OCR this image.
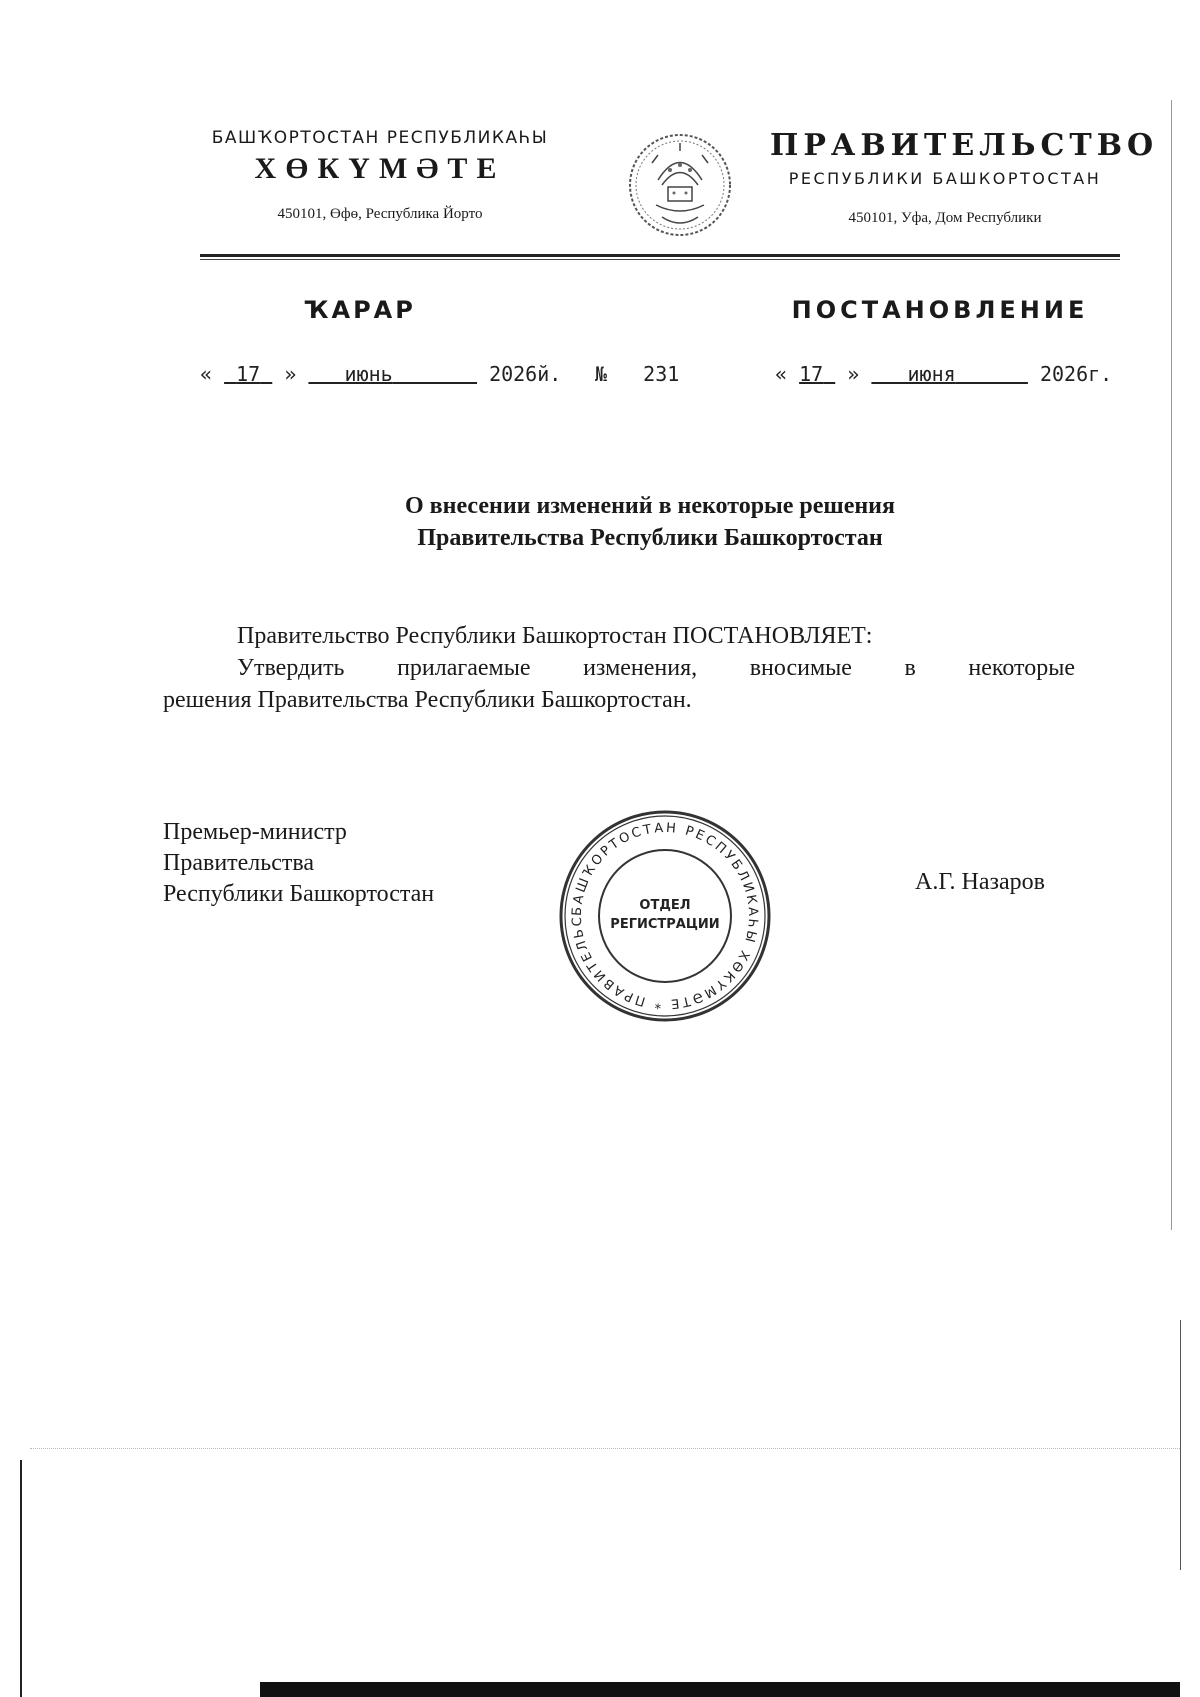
БАШҠОРТОСТАН РЕСПУБЛИКАҺЫ
ХӨКҮМӘТЕ
450101, Өфө, Республика Йорто
ПРАВИТЕЛЬСТВО
РЕСПУБЛИКИ БАШКОРТОСТАН
450101, Уфа, Дом Республики
ҠАРАР	ПОСТАНОВЛЕНИЕ
« 17 » июнь	2026й. № 231	« 17 » июня	2026г.
О внесении изменений в некоторые решения
Правительства Республики Башкортостан
Правительство Республики Башкортостан ПОСТАНОВЛЯЕТ:
Утвердить прилагаемые изменения, вносимые в некоторые
решения Правительства Республики Башкортостан.
Премьер-министр
Правительства
Республики Башкортостан	А.Г. Назаров
БАШҠОРТОСТАН РЕСПУБЛИКАҺЫ ХӨКҮМӘТЕ * ПРАВИТЕЛЬС
ОТДЕЛ
РЕГИСТРАЦИИ
